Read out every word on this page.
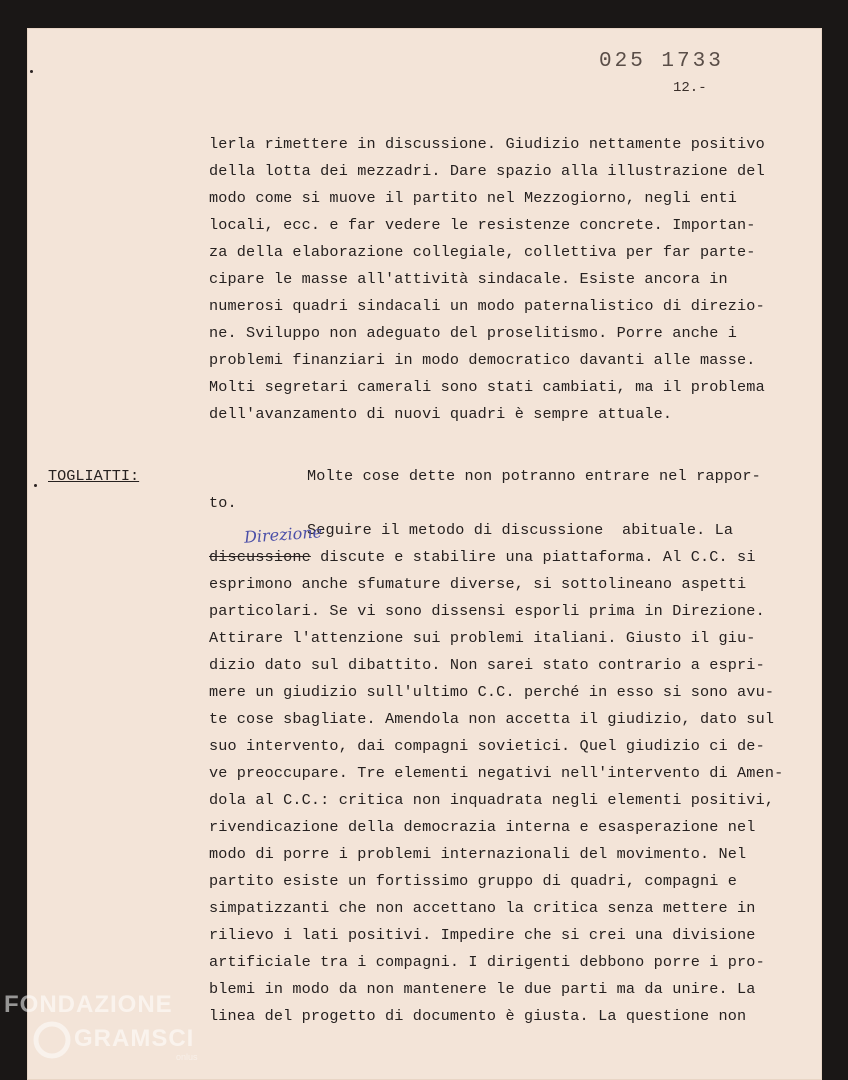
025 1733
12.-
lerla rimettere in discussione. Giudizio nettamente positivo
della lotta dei mezzadri. Dare spazio alla illustrazione del
modo come si muove il partito nel Mezzogiorno, negli enti
locali, ecc. e far vedere le resistenze concrete. Importan-
za della elaborazione collegiale, collettiva per far parte-
cipare le masse all'attività sindacale. Esiste ancora in
numerosi quadri sindacali un modo paternalistico di direzio-
ne. Sviluppo non adeguato del proselitismo. Porre anche i
problemi finanziari in modo democratico davanti alle masse.
Molti segretari camerali sono stati cambiati, ma il problema
dell'avanzamento di nuovi quadri è sempre attuale.
TOGLIATTI:	Molte cose dette non potranno entrare nel rappor-
to.
Seguire il metodo di discussione  abituale. La
Direzione
discussione discute e stabilire una piattaforma. Al C.C. si
esprimono anche sfumature diverse, si sottolineano aspetti
particolari. Se vi sono dissensi esporli prima in Direzione.
Attirare l'attenzione sui problemi italiani. Giusto il giu-
dizio dato sul dibattito. Non sarei stato contrario a espri-
mere un giudizio sull'ultimo C.C. perché in esso si sono avu-
te cose sbagliate. Amendola non accetta il giudizio, dato sul
suo intervento, dai compagni sovietici. Quel giudizio ci de-
ve preoccupare. Tre elementi negativi nell'intervento di Amen-
dola al C.C.: critica non inquadrata negli elementi positivi,
rivendicazione della democrazia interna e esasperazione nel
modo di porre i problemi internazionali del movimento. Nel
partito esiste un fortissimo gruppo di quadri, compagni e
simpatizzanti che non accettano la critica senza mettere in
rilievo i lati positivi. Impedire che si crei una divisione
artificiale tra i compagni. I dirigenti debbono porre i pro-
blemi in modo da non mantenere le due parti ma da unire. La
linea del progetto di documento è giusta. La questione non
FONDAZIONE
GRAMSCI
onlus
